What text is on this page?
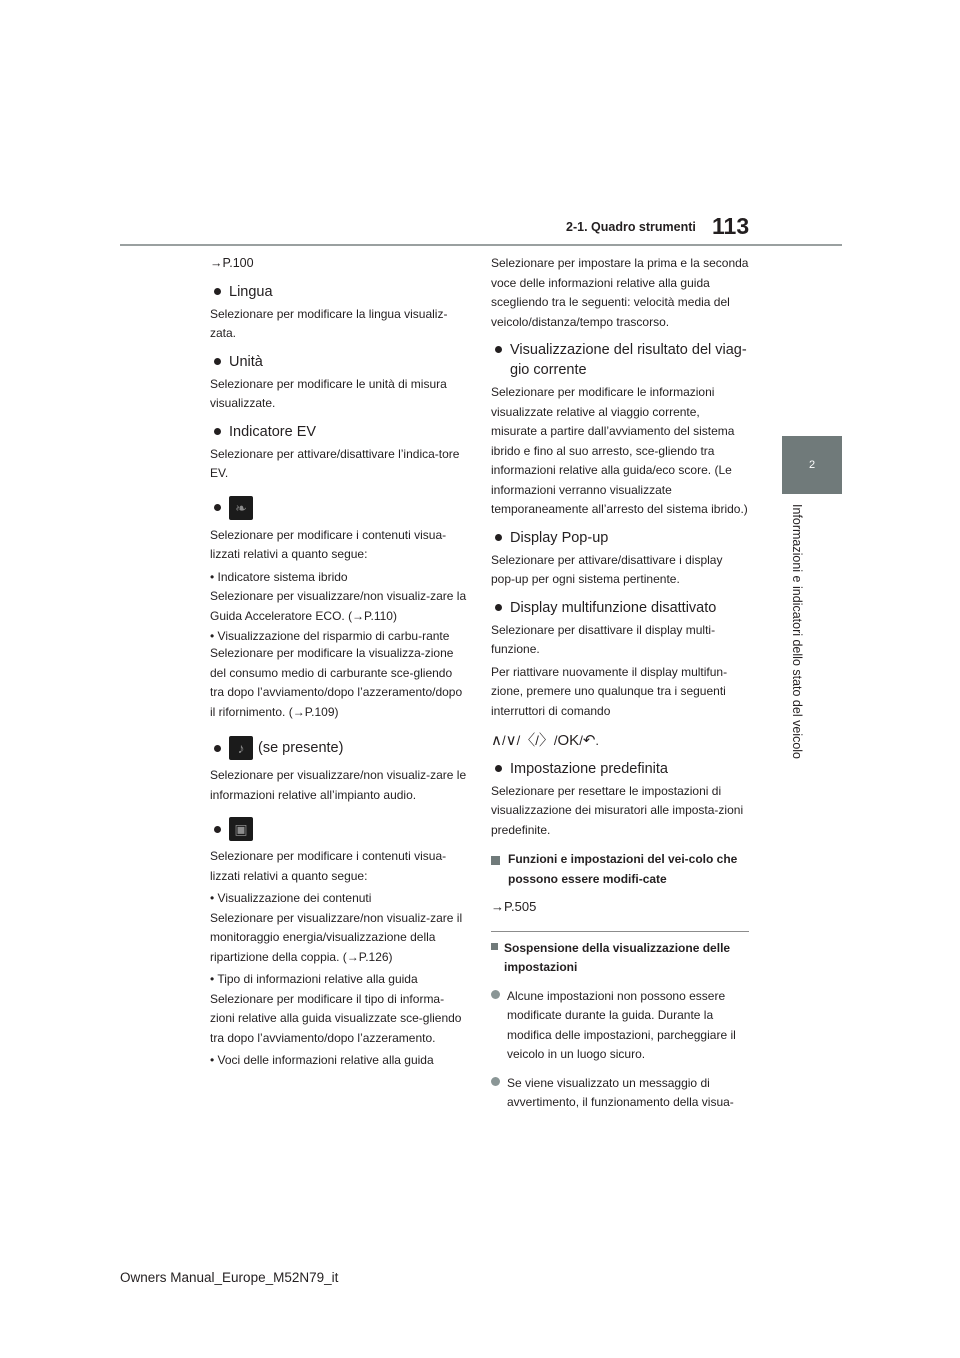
113
2-1. Quadro strumenti
2
Informazioni e indicatori dello stato del veicolo

→P.100

Lingua

Selezionare per modificare la lingua visualiz-zata.

Unità

Selezionare per modificare le unità di misura visualizzate.

Indicatore EV

Selezionare per attivare/disattivare l’indica-tore EV.

❧

Selezionare per modificare i contenuti visua-lizzati relativi a quanto segue:

• Indicatore sistema ibrido

Selezionare per visualizzare/non visualiz-zare la Guida Acceleratore ECO. (→P.110)

• Visualizzazione del risparmio di carbu-rante

Selezionare per modificare la visualizza-zione del consumo medio di carburante sce-gliendo tra dopo l’avviamento/dopo l’azzeramento/dopo il rifornimento. (→P.109)

♪ (se presente)

Selezionare per visualizzare/non visualiz-zare le informazioni relative all’impianto audio.

▣

Selezionare per modificare i contenuti visua-lizzati relativi a quanto segue:

• Visualizzazione dei contenuti

Selezionare per visualizzare/non visualiz-zare il monitoraggio energia/visualizzazione della ripartizione della coppia. (→P.126)

• Tipo di informazioni relative alla guida

Selezionare per modificare il tipo di informa-zioni relative alla guida visualizzate sce-gliendo tra dopo l’avviamento/dopo l’azzeramento.

• Voci delle informazioni relative alla guida

Selezionare per impostare la prima e la seconda voce delle informazioni relative alla guida scegliendo tra le seguenti: velocità media del veicolo/distanza/tempo trascorso.

Visualizzazione del risultato del viag-gio corrente

Selezionare per modificare le informazioni visualizzate relative al viaggio corrente, misurate a partire dall’avviamento del sistema ibrido e fino al suo arresto, sce-gliendo tra informazioni relative alla guida/eco score. (Le informazioni verranno visualizzate temporaneamente all’arresto del sistema ibrido.)

Display Pop-up

Selezionare per attivare/disattivare i display pop-up per ogni sistema pertinente.

Display multifunzione disattivato

Selezionare per disattivare il display multi-funzione.

Per riattivare nuovamente il display multifun-zione, premere uno qualunque tra i seguenti interruttori di comando

∧ / ∨ / 〈 / 〉 / OK / ↶ .

Impostazione predefinita

Selezionare per resettare le impostazioni di visualizzazione dei misuratori alle imposta-zioni predefinite.

Funzioni e impostazioni del vei-colo che possono essere modifi-cate

→P.505

Sospensione della visualizzazione delle impostazioni

Alcune impostazioni non possono essere modificate durante la guida. Durante la modifica delle impostazioni, parcheggiare il veicolo in un luogo sicuro.

Se viene visualizzato un messaggio di avvertimento, il funzionamento della visua-

Owners Manual_Europe_M52N79_it
